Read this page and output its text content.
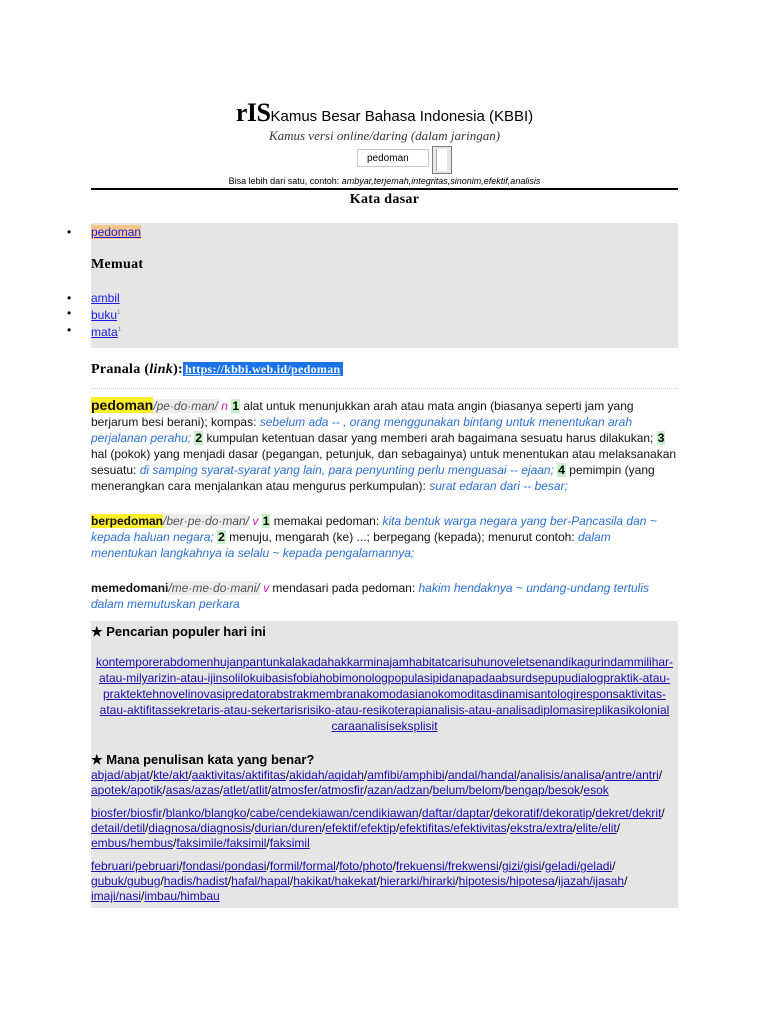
rISKamus Besar Bahasa Indonesia (KBBI)
Kamus versi online/daring (dalam jaringan)
pedoman
Bisa lebih dari satu, contoh: ambyar,terjemah,integritas,sinonim,efektif,analisis
Kata dasar
• pedoman
Memuat
• ambil
• buku$^1$
• mata$^1$
Pranala (link): https://kbbi.web.id/pedoman
pedoman/pe·do·man/ n 1 alat untuk menunjukkan arah atau mata angin (biasanya seperti jam yang berjarum besi berani); kompas: sebelum ada -- , orang menggunakan bintang untuk menentukan arah perjalanan perahu; 2 kumpulan ketentuan dasar yang memberi arah bagaimana sesuatu harus dilakukan; 3 hal (pokok) yang menjadi dasar (pegangan, petunjuk, dan sebagainya) untuk menentukan atau melaksanakan sesuatu: di samping syarat-syarat yang lain, para penyunting perlu menguasai -- ejaan; 4 pemimpin (yang menerangkan cara menjalankan atau mengurus perkumpulan): surat edaran dari -- besar;
berpedoman/ber·pe·do·man/ v 1 memakai pedoman: kita bentuk warga negara yang ber-Pancasila dan ~ kepada haluan negara; 2 menuju, mengarah (ke) ...; berpegang (kepada); menurut contoh: dalam menentukan langkahnya ia selalu ~ kepada pengalamannya;
memedomani/me·me·do·mani/ v mendasari pada pedoman: hakim hendaknya ~ undang-undang tertulis dalam memutuskan perkara
★ Pencarian populer hari ini
kontemporerabdomenhujanpantunkalakadahakkarminajamhabitatcarisuhunoveletsenandikagurindammilihar-atau-milyarizin-atau-ijinsolilokuibasisfobiahobimonologpopulasipidanapadaabsurdsepupudialogpraktik-atau-praktektehnovelinovasipredatorabstrakmembranakomodasianokomoditasdinamisantologiresponsaktivitas-atau-aktifitassekretaris-atau-sekertarisrisiko-atau-resikoterapianalisis-atau-analisadiplomasireplikasikolonialcaraanalisiseksplisit
★ Mana penulisan kata yang benar?
abjad/abjat/​kte/akt/​aaktivitas/aktifitas/​akidah/aqidah/​amfibi/amphibi/​andal/handal/​analisis/analisa/​antre/antri/​apotek/apotik/​asas/azas/​atlet/atlit/​atmosfer/atmosfir/​azan/adzan/​belum/belom/​bengap/besok/​esok
biosfer/biosfir/​blanko/blangko/​cabe/cendekiawan/cendikiawan/​daftar/daptar/​dekoratif/dekoratip/​dekret/dekrit/​detail/detil/​diagnosa/diagnosis/​durian/duren/​efektif/efektip/​efektifitas/efektivitas/​ekstra/extra/​elite/elit/​embus/hembus/​faksimile/faksimil/​faksimil
februari/pebruari/​fondasi/pondasi/​formil/formal/​foto/photo/​frekuensi/frekwensi/​gizi/gisi/​geladi/geladi/​gubuk/gubug/​hadis/hadist/​hafal/hapal/​hakikat/hakekat/​hierarki/hirarki/​hipotesis/hipotesa/​ijazah/ijasah/​imaji/nasi/​imbau/himbau
